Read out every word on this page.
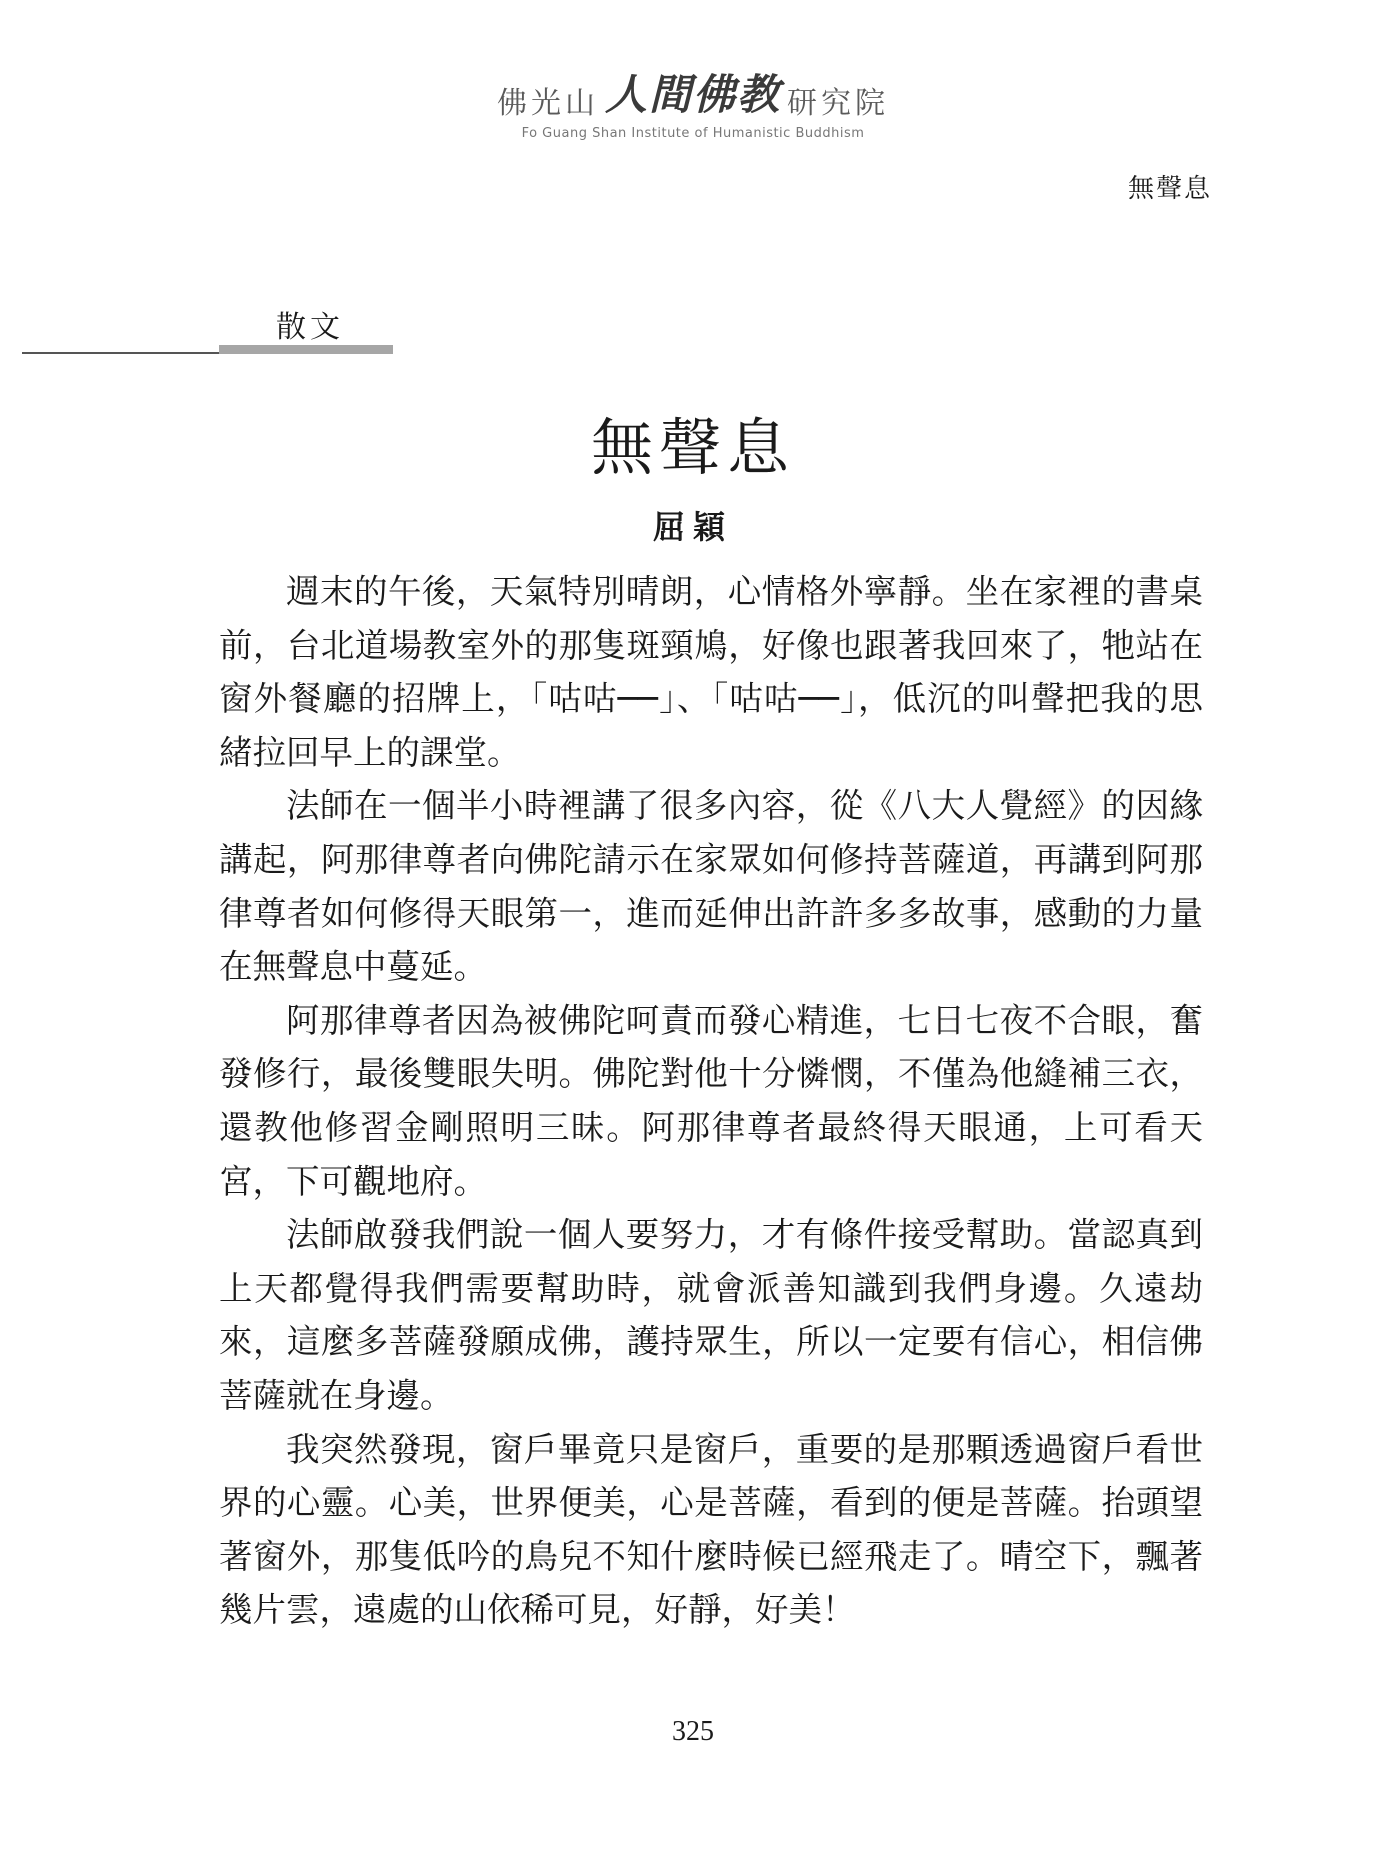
佛光山 人間佛教 研究院
Fo Guang Shan Institute of Humanistic Buddhism
無聲息
散文
無聲息
屈穎

週末的午後，天氣特別晴朗，心情格外寧靜。坐在家裡的書桌前，台北道場教室外的那隻斑頸鳩，好像也跟著我回來了，牠站在窗外餐廳的招牌上，「咕咕──」、「咕咕──」，低沉的叫聲把我的思緒拉回早上的課堂。

法師在一個半小時裡講了很多內容，從《八大人覺經》的因緣講起，阿那律尊者向佛陀請示在家眾如何修持菩薩道，再講到阿那律尊者如何修得天眼第一，進而延伸出許許多多故事，感動的力量在無聲息中蔓延。

阿那律尊者因為被佛陀呵責而發心精進，七日七夜不合眼，奮發修行，最後雙眼失明。佛陀對他十分憐憫，不僅為他縫補三衣，還教他修習金剛照明三昧。阿那律尊者最終得天眼通，上可看天宮，下可觀地府。

法師啟發我們說一個人要努力，才有條件接受幫助。當認真到上天都覺得我們需要幫助時，就會派善知識到我們身邊。久遠劫來，這麼多菩薩發願成佛，護持眾生，所以一定要有信心，相信佛菩薩就在身邊。

我突然發現，窗戶畢竟只是窗戶，重要的是那顆透過窗戶看世界的心靈。心美，世界便美，心是菩薩，看到的便是菩薩。抬頭望著窗外，那隻低吟的鳥兒不知什麼時候已經飛走了。晴空下，飄著幾片雲，遠處的山依稀可見，好靜，好美！

325
